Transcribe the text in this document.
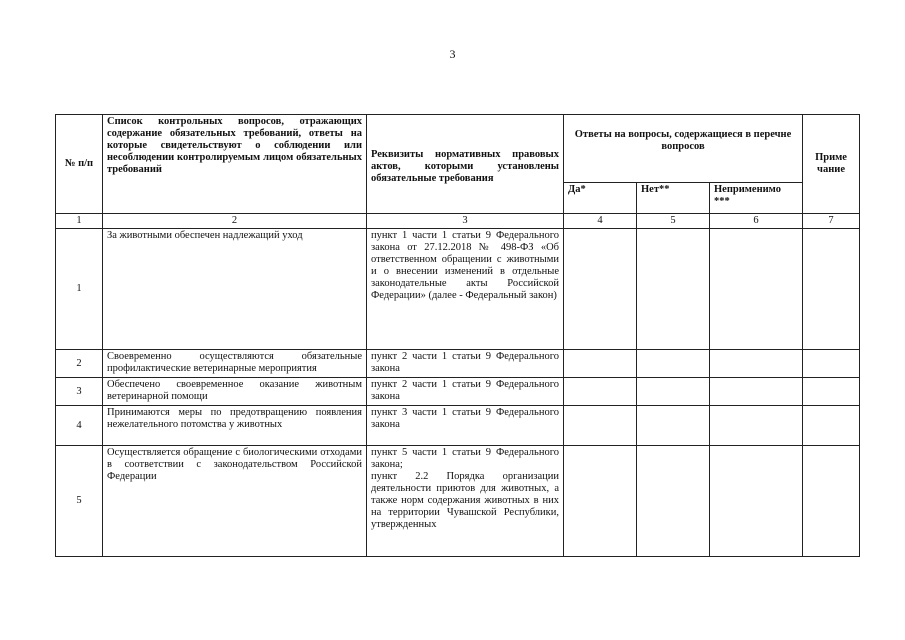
3
№ п/п	Список контрольных вопросов, отражающих содержание обязательных требований, ответы на которые свидетельствуют о соблюдении или несоблюдении контролируемым лицом обязательных требований	Реквизиты нормативных правовых актов, которыми установлены обязательные требования	Ответы на вопросы, содержащиеся в перечне вопросов			Приме чание
			Да*	Нет**	Неприменимо ***	
1	2	3	4	5	6	7
1	За животными обеспечен надлежащий уход	пункт 1 части 1 статьи 9 Федерального закона от 27.12.2018 № 498-ФЗ «Об ответственном обращении с животными и о внесении изменений в отдельные законодательные акты Российской Федерации» (далее - Федеральный закон)				
2	Своевременно осуществляются обязательные профилактические ветеринарные мероприятия	пункт 2 части 1 статьи 9 Федерального закона				
3	Обеспечено своевременное оказание животным ветеринарной помощи	пункт 2 части 1 статьи 9 Федерального закона				
4	Принимаются меры по предотвращению появления нежелательного потомства у животных	пункт 3 части 1 статьи 9 Федерального закона				
5	Осуществляется обращение с биологическими отходами в соответствии с законодательством Российской Федерации	пункт 5 части 1 статьи 9 Федерального закона;
пункт 2.2 Порядка организации деятельности приютов для животных, а также норм содержания животных в них на территории Чувашской Республики, утвержденных				
